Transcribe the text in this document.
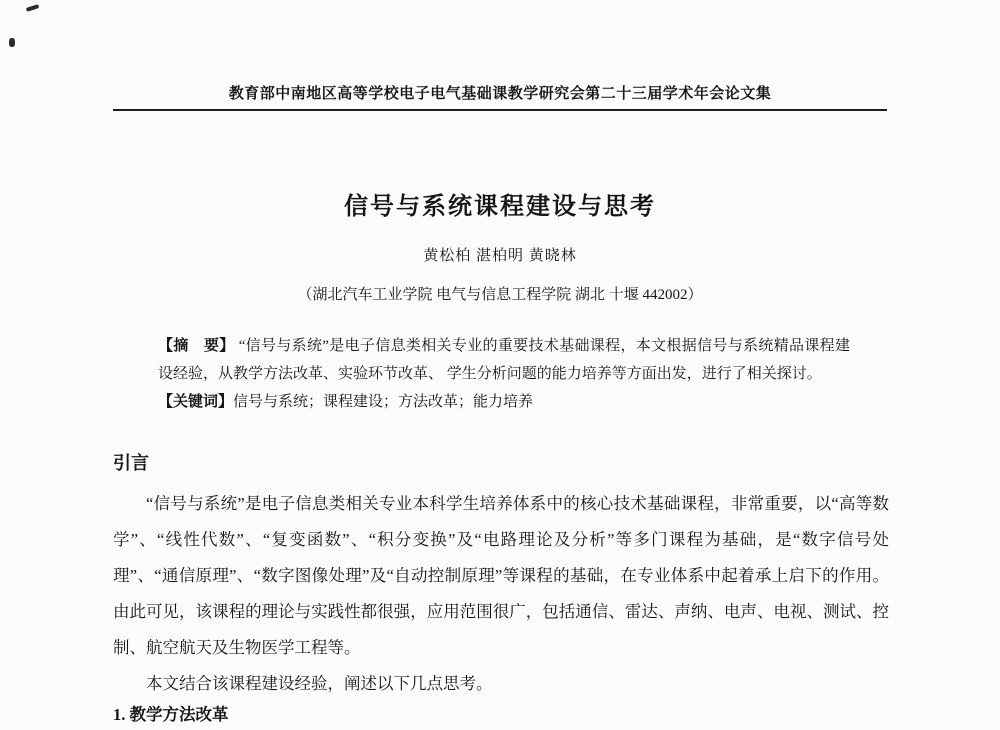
教育部中南地区高等学校电子电气基础课教学研究会第二十三届学术年会论文集
信号与系统课程建设与思考
黄松柏 湛柏明 黄晓林
（湖北汽车工业学院 电气与信息工程学院 湖北 十堰 442002）

【摘　要】 “信号与系统”是电子信息类相关专业的重要技术基础课程，本文根据信号与系统精品课程建设经验，从教学方法改革、实验环节改革、 学生分析问题的能力培养等方面出发，进行了相关探讨。

【关键词】信号与系统；课程建设；方法改革；能力培养

引言

“信号与系统”是电子信息类相关专业本科学生培养体系中的核心技术基础课程，非常重要，以“高等数学”、“线性代数”、“复变函数”、“积分变换”及“电路理论及分析”等多门课程为基础，是“数字信号处理”、“通信原理”、“数字图像处理”及“自动控制原理”等课程的基础，在专业体系中起着承上启下的作用。由此可见，该课程的理论与实践性都很强，应用范围很广，包括通信、雷达、声纳、电声、电视、测试、控制、航空航天及生物医学工程等。

本文结合该课程建设经验，阐述以下几点思考。

1. 教学方法改革
